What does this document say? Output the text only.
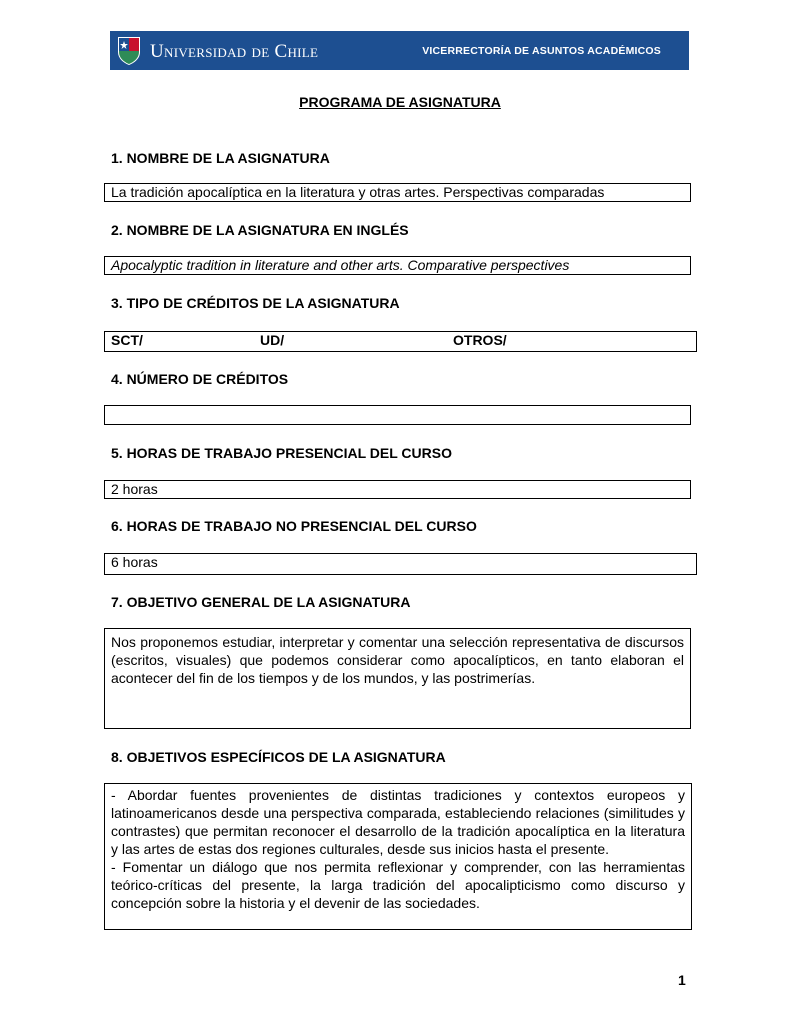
Universidad de Chile	VICERRECTORÍA DE ASUNTOS ACADÉMICOS
PROGRAMA DE ASIGNATURA
1. NOMBRE DE LA ASIGNATURA
La tradición apocalíptica en la literatura y otras artes. Perspectivas comparadas
2. NOMBRE DE LA ASIGNATURA EN INGLÉS
Apocalyptic tradition in literature and other arts. Comparative perspectives
3. TIPO DE CRÉDITOS DE LA ASIGNATURA
SCT/	UD/	OTROS/
4. NÚMERO DE CRÉDITOS
5. HORAS DE TRABAJO PRESENCIAL DEL CURSO
2 horas
6. HORAS DE TRABAJO NO PRESENCIAL DEL CURSO
6 horas
7. OBJETIVO GENERAL DE LA ASIGNATURA
Nos proponemos estudiar, interpretar y comentar una selección representativa de discursos (escritos, visuales) que podemos considerar como apocalípticos, en tanto elaboran el acontecer del fin de los tiempos y de los mundos, y las postrimerías.
8. OBJETIVOS ESPECÍFICOS DE LA ASIGNATURA
- Abordar fuentes provenientes de distintas tradiciones y contextos europeos y latinoamericanos desde una perspectiva comparada, estableciendo relaciones (similitudes y contrastes) que permitan reconocer el desarrollo de la tradición apocalíptica en la literatura y las artes de estas dos regiones culturales, desde sus inicios hasta el presente.
- Fomentar un diálogo que nos permita reflexionar y comprender, con las herramientas teórico-críticas del presente, la larga tradición del apocalipticismo como discurso y concepción sobre la historia y el devenir de las sociedades.
1
